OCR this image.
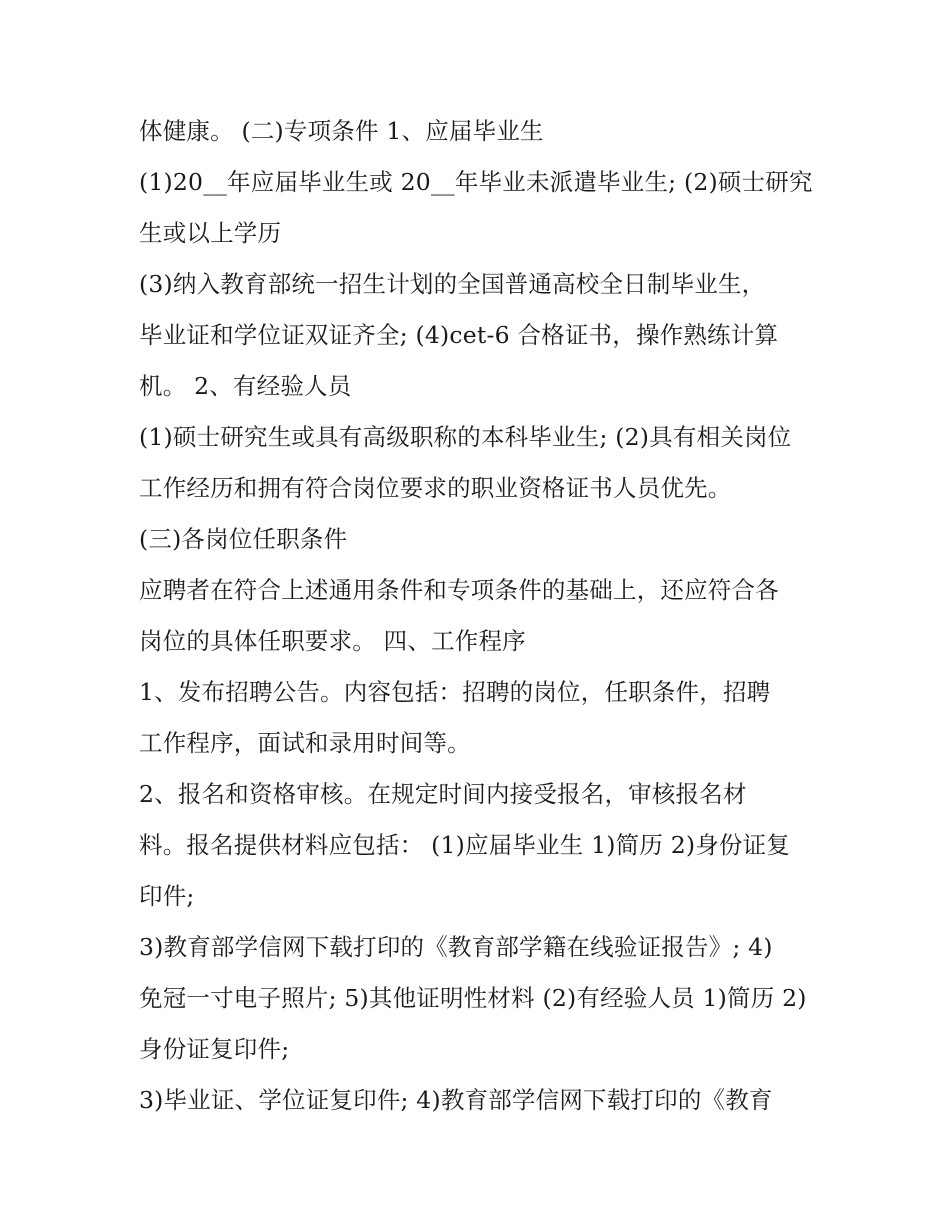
体健康。 (二)专项条件 1、应届毕业生
(1)20__年应届毕业生或 20__年毕业未派遣毕业生; (2)硕士研究
生或以上学历
(3)纳入教育部统一招生计划的全国普通高校全日制毕业生，
毕业证和学位证双证齐全; (4)cet-6 合格证书，操作熟练计算
机。 2、有经验人员
(1)硕士研究生或具有高级职称的本科毕业生; (2)具有相关岗位
工作经历和拥有符合岗位要求的职业资格证书人员优先。
(三)各岗位任职条件
应聘者在符合上述通用条件和专项条件的基础上，还应符合各
岗位的具体任职要求。 四、工作程序
1、发布招聘公告。内容包括：招聘的岗位，任职条件，招聘
工作程序，面试和录用时间等。
2、报名和资格审核。在规定时间内接受报名，审核报名材
料。报名提供材料应包括： (1)应届毕业生 1)简历 2)身份证复
印件;
3)教育部学信网下载打印的《教育部学籍在线验证报告》; 4)
免冠一寸电子照片; 5)其他证明性材料 (2)有经验人员 1)简历 2)
身份证复印件;
3)毕业证、学位证复印件; 4)教育部学信网下载打印的《教育
